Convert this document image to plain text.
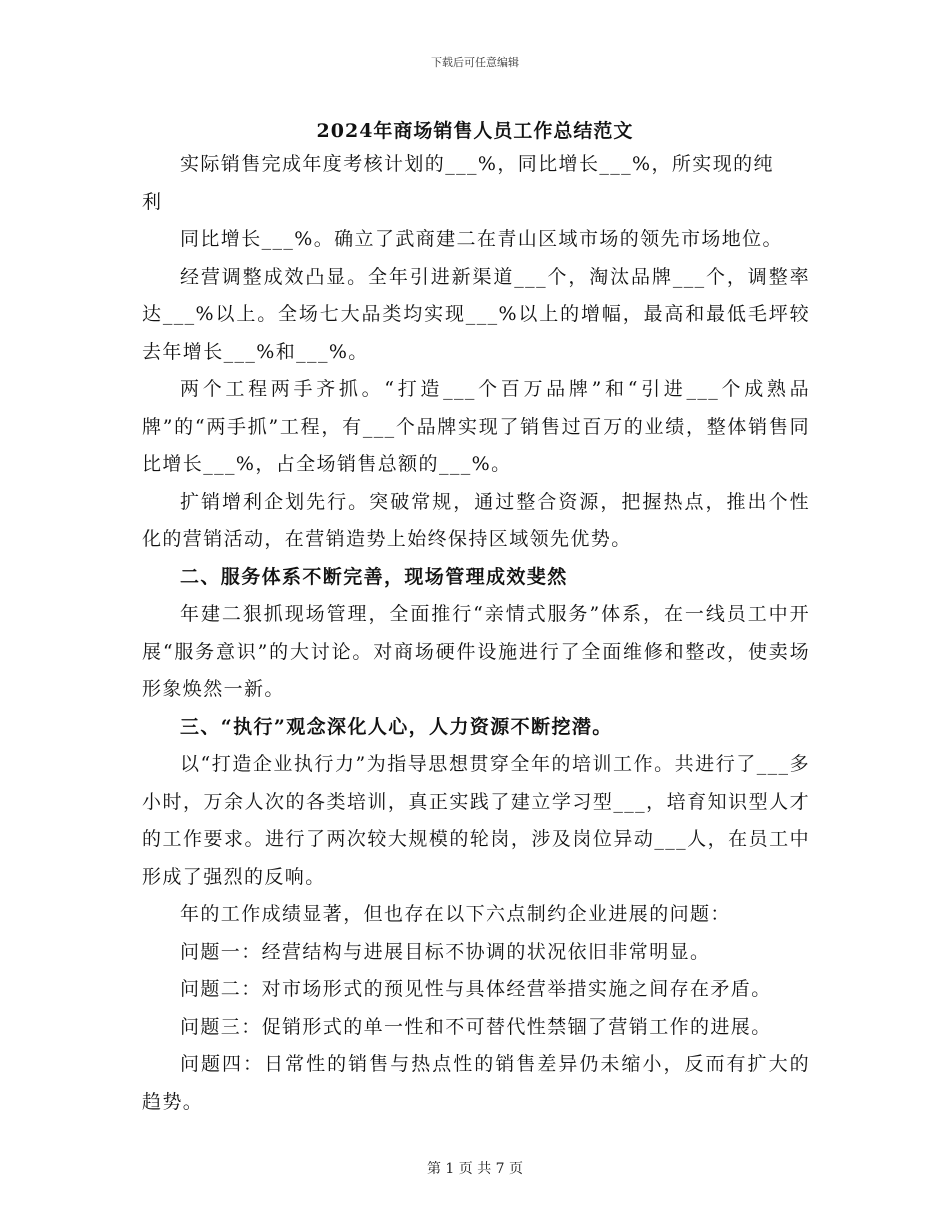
下载后可任意编辑
2024年商场销售人员工作总结范文

实际销售完成年度考核计划的___%，同比增长___%，所实现的纯

利

同比增长___%。确立了武商建二在青山区域市场的领先市场地位。

经营调整成效凸显。全年引进新渠道___个，淘汰品牌___个，调整率达___%以上。全场七大品类均实现___%以上的增幅，最高和最低毛坪较去年增长___%和___%。

两个工程两手齐抓。“打造___个百万品牌”和“引进___个成熟品牌”的“两手抓”工程，有___个品牌实现了销售过百万的业绩，整体销售同比增长___%，占全场销售总额的___%。

扩销增利企划先行。突破常规，通过整合资源，把握热点，推出个性化的营销活动，在营销造势上始终保持区域领先优势。

二、服务体系不断完善，现场管理成效斐然

年建二狠抓现场管理，全面推行“亲情式服务”体系，在一线员工中开展“服务意识”的大讨论。对商场硬件设施进行了全面维修和整改，使卖场形象焕然一新。

三、“执行”观念深化人心，人力资源不断挖潜。

以“打造企业执行力”为指导思想贯穿全年的培训工作。共进行了___多小时，万余人次的各类培训，真正实践了建立学习型___，培育知识型人才的工作要求。进行了两次较大规模的轮岗，涉及岗位异动___人，在员工中形成了强烈的反响。

年的工作成绩显著，但也存在以下六点制约企业进展的问题：

问题一：经营结构与进展目标不协调的状况依旧非常明显。

问题二：对市场形式的预见性与具体经营举措实施之间存在矛盾。

问题三：促销形式的单一性和不可替代性禁锢了营销工作的进展。

问题四：日常性的销售与热点性的销售差异仍未缩小，反而有扩大的趋势。

第 1 页 共 7 页
